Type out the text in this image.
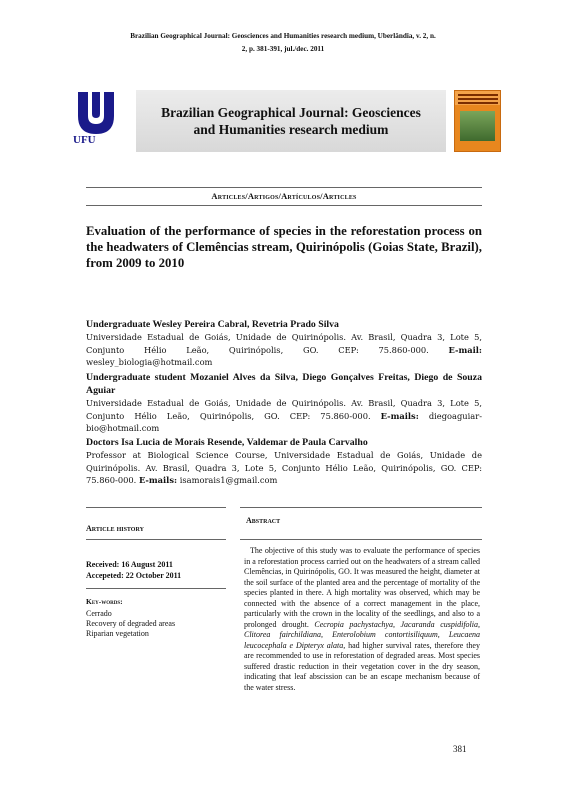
Brazilian Geographical Journal: Geosciences and Humanities research medium, Uberlândia, v. 2, n.
2, p. 381-391, jul./dec. 2011
UFU
Brazilian Geographical Journal: Geosciences and Humanities research medium
Articles/Artigos/Artículos/Articles
Evaluation of the performance of species in the reforestation process on the headwaters of Clemências stream, Quirinópolis (Goias State, Brazil), from 2009 to 2010
Undergraduate Wesley Pereira Cabral, Revetria Prado Silva
Universidade Estadual de Goiás, Unidade de Quirinópolis. Av. Brasil, Quadra 3, Lote 5, Conjunto Hélio Leão, Quirinópolis, GO. CEP: 75.860-000. E-mail: wesley_biologia@hotmail.com
Undergraduate student Mozaniel Alves da Silva, Diego Gonçalves Freitas, Diego de Souza Aguiar
Universidade Estadual de Goiás, Unidade de Quirinópolis. Av. Brasil, Quadra 3, Lote 5, Conjunto Hélio Leão, Quirinópolis, GO. CEP: 75.860-000. E-mails: diegoaguiar-bio@hotmail.com
Doctors Isa Lucia de Morais Resende, Valdemar de Paula Carvalho
Professor at Biological Science Course, Universidade Estadual de Goiás, Unidade de Quirinópolis. Av. Brasil, Quadra 3, Lote 5, Conjunto Hélio Leão, Quirinópolis, GO. CEP: 75.860-000. E-mails: isamorais1@gmail.com
Article history
Received: 16 August 2011
Accepeted: 22 October 2011
Key-words:
Cerrado
Recovery of degraded areas
Riparian vegetation
Abstract
The objective of this study was to evaluate the performance of species in a reforestation process carried out on the headwaters of a stream called Clemências, in Quirinópolis, GO. It was measured the height, diameter at the soil surface of the planted area and the percentage of mortality of the species planted in there. A high mortality was observed, which may be connected with the absence of a correct management in the place, particularly with the crown in the locality of the seedlings, and also to a prolonged drought. Cecropia pachystachya, Jacaranda cuspidifolia, Clitorea fairchildiana, Enterolobium contortisiliquum, Leucaena leucocephala e Dipteryx alata, had higher survival rates, therefore they are recommended to use in reforestation of degraded areas. Most species suffered drastic reduction in their vegetation cover in the dry season, indicating that leaf abscission can be an escape mechanism because of the water stress.
381
